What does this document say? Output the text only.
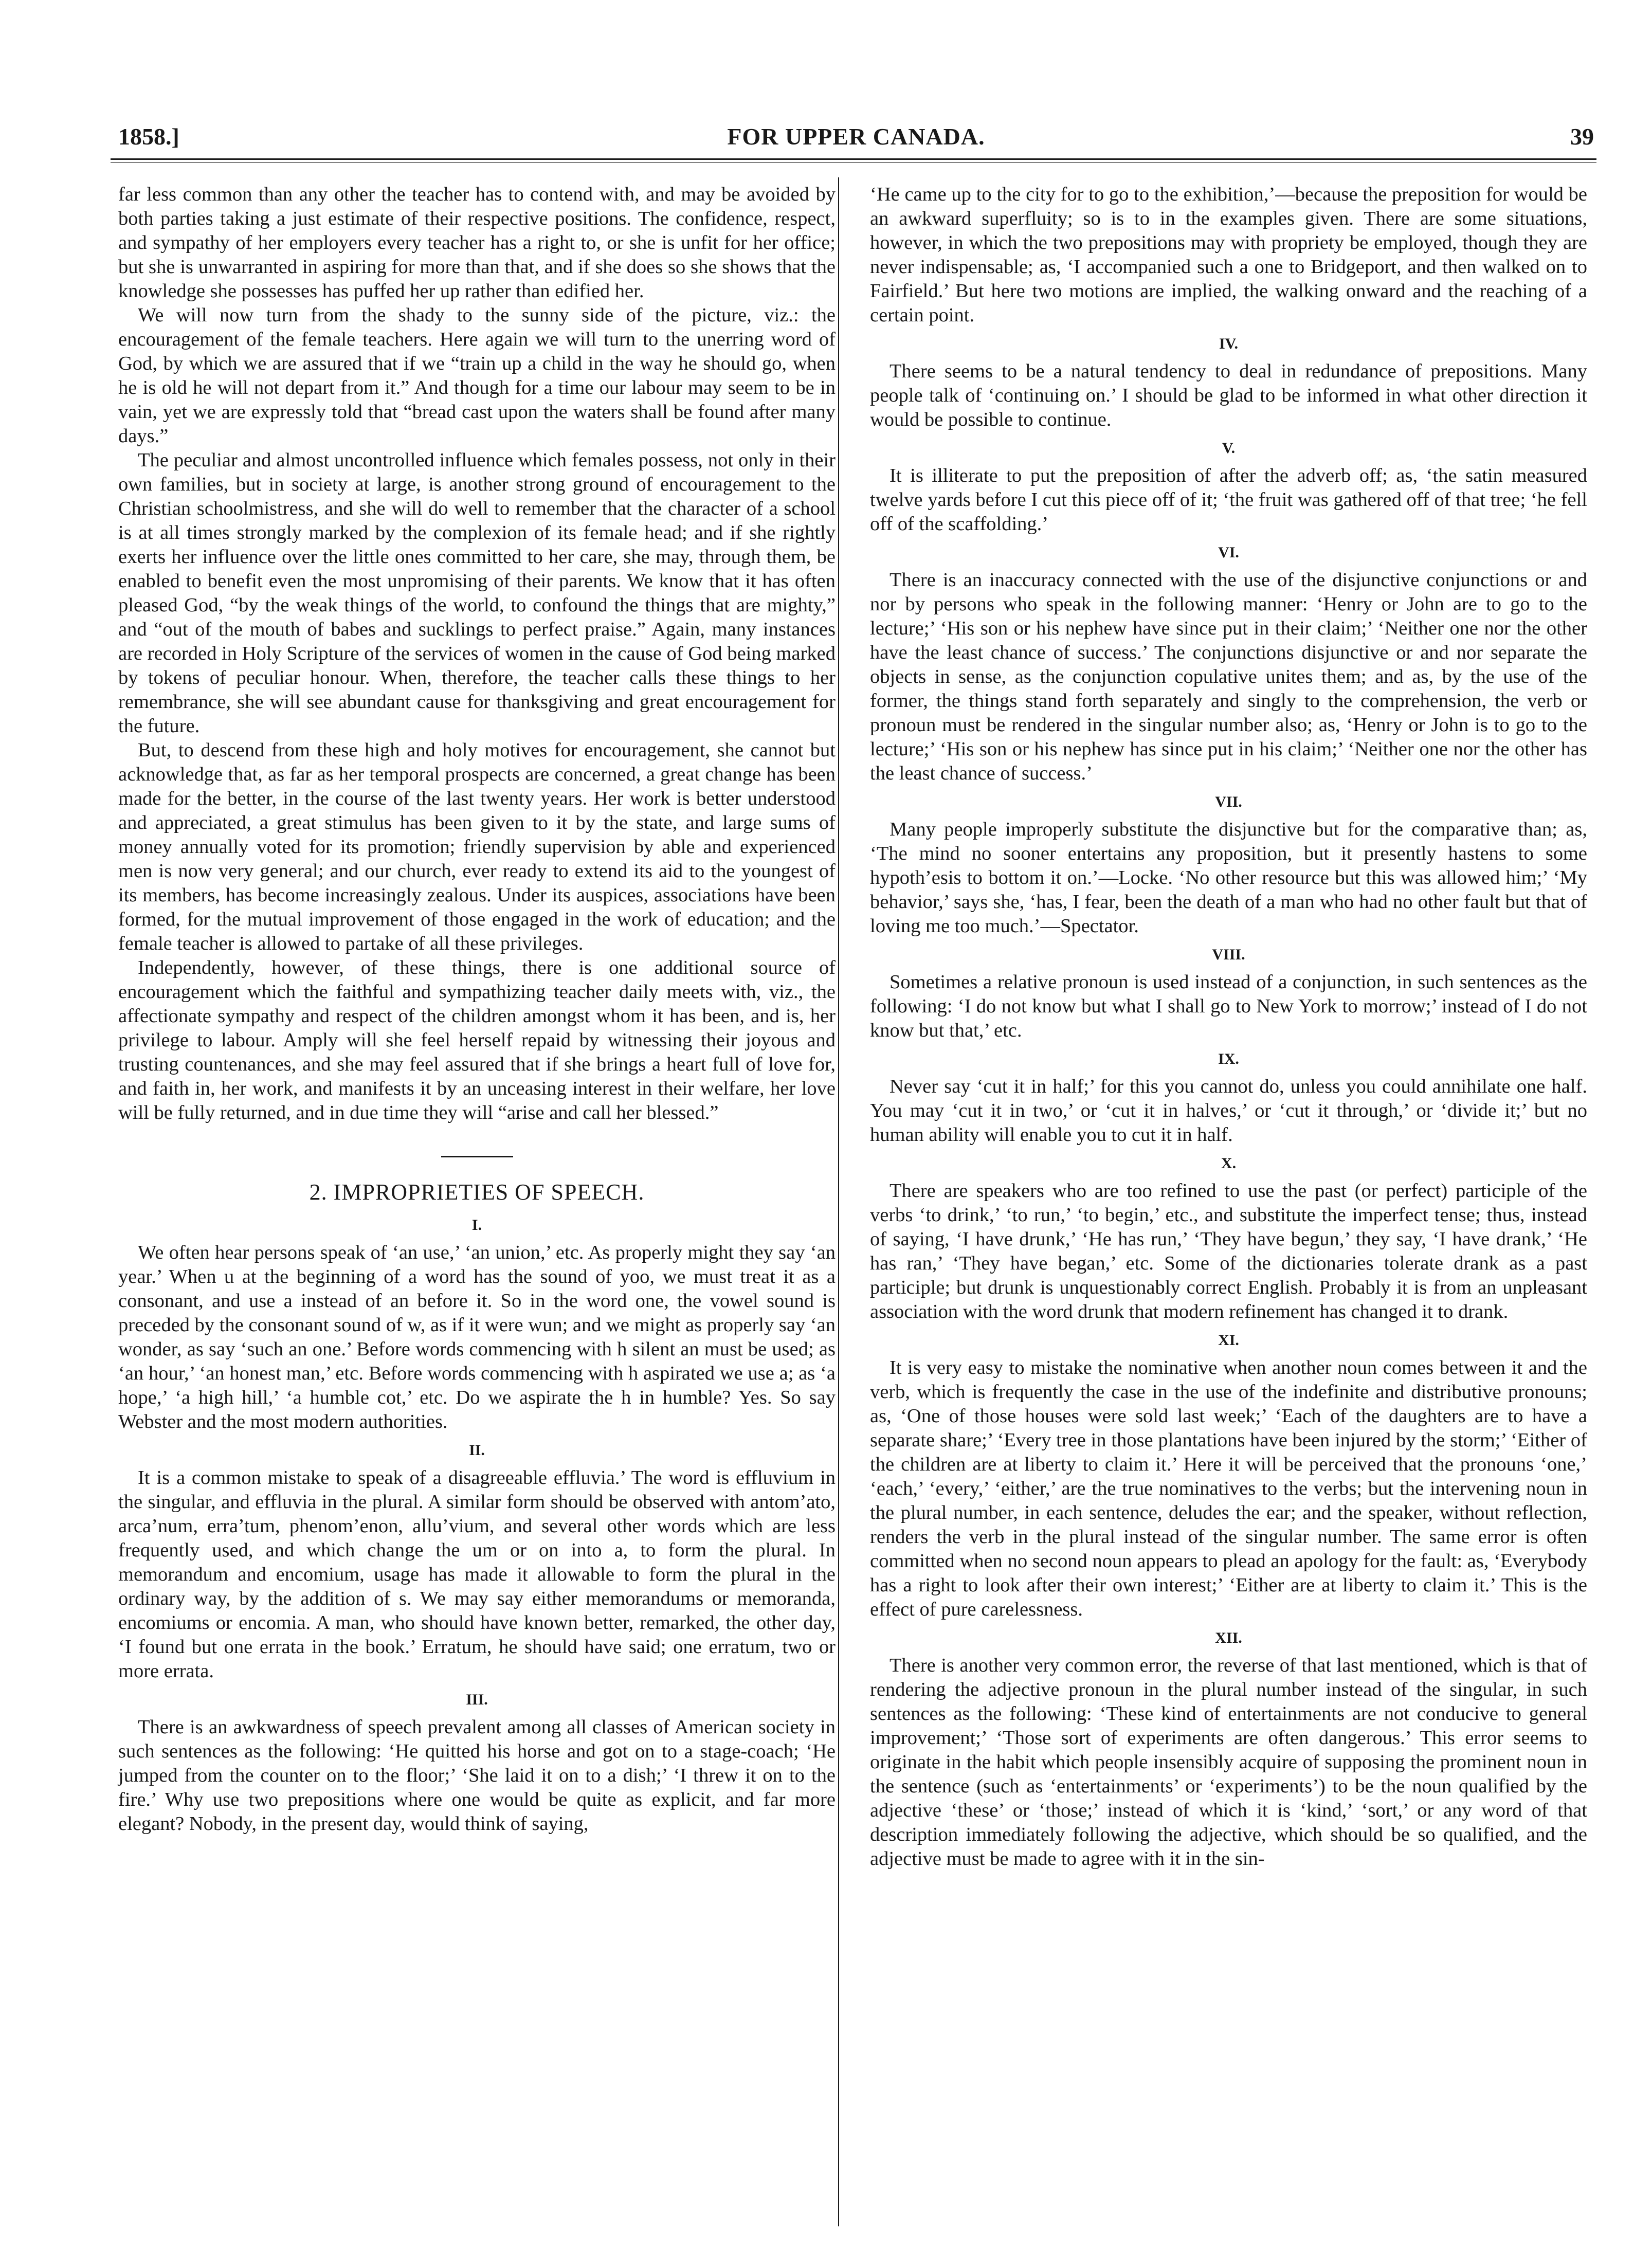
1858.]	FOR UPPER CANADA.	39

far less common than any other the teacher has to contend with, and may be avoided by both parties taking a just estimate of their respective positions. The confidence, respect, and sympathy of her employers every teacher has a right to, or she is unfit for her office; but she is unwarranted in aspiring for more than that, and if she does so she shows that the knowledge she possesses has puffed her up rather than edified her.

We will now turn from the shady to the sunny side of the picture, viz.: the encouragement of the female teachers. Here again we will turn to the unerring word of God, by which we are assured that if we “train up a child in the way he should go, when he is old he will not depart from it.” And though for a time our labour may seem to be in vain, yet we are expressly told that “bread cast upon the waters shall be found after many days.”

The peculiar and almost uncontrolled influence which females possess, not only in their own families, but in society at large, is another strong ground of encouragement to the Christian schoolmistress, and she will do well to remember that the character of a school is at all times strongly marked by the complexion of its female head; and if she rightly exerts her influence over the little ones committed to her care, she may, through them, be enabled to benefit even the most unpromising of their parents. We know that it has often pleased God, “by the weak things of the world, to confound the things that are mighty,” and “out of the mouth of babes and sucklings to perfect praise.” Again, many instances are recorded in Holy Scripture of the services of women in the cause of God being marked by tokens of peculiar honour. When, therefore, the teacher calls these things to her remembrance, she will see abundant cause for thanksgiving and great encouragement for the future.

But, to descend from these high and holy motives for encouragement, she cannot but acknowledge that, as far as her temporal prospects are concerned, a great change has been made for the better, in the course of the last twenty years. Her work is better understood and appreciated, a great stimulus has been given to it by the state, and large sums of money annually voted for its promotion; friendly supervision by able and experienced men is now very general; and our church, ever ready to extend its aid to the youngest of its members, has become increasingly zealous. Under its auspices, associations have been formed, for the mutual improvement of those engaged in the work of education; and the female teacher is allowed to partake of all these privileges.

Independently, however, of these things, there is one additional source of encouragement which the faithful and sympathizing teacher daily meets with, viz., the affectionate sympathy and respect of the children amongst whom it has been, and is, her privilege to labour. Amply will she feel herself repaid by witnessing their joyous and trusting countenances, and she may feel assured that if she brings a heart full of love for, and faith in, her work, and manifests it by an unceasing interest in their welfare, her love will be fully returned, and in due time they will “arise and call her blessed.”

2. IMPROPRIETIES OF SPEECH.
I.

We often hear persons speak of ‘an use,’ ‘an union,’ etc. As properly might they say ‘an year.’ When u at the beginning of a word has the sound of yoo, we must treat it as a consonant, and use a instead of an before it. So in the word one, the vowel sound is preceded by the consonant sound of w, as if it were wun; and we might as properly say ‘an wonder, as say ‘such an one.’ Before words commencing with h silent an must be used; as ‘an hour,’ ‘an honest man,’ etc. Before words commencing with h aspirated we use a; as ‘a hope,’ ‘a high hill,’ ‘a humble cot,’ etc. Do we aspirate the h in humble? Yes. So say Webster and the most modern authorities.

II.

It is a common mistake to speak of a disagreeable effluvia.’ The word is effluvium in the singular, and effluvia in the plural. A similar form should be observed with antom’ato, arca’num, erra’tum, phenom’enon, allu’vium, and several other words which are less frequently used, and which change the um or on into a, to form the plural. In memorandum and encomium, usage has made it allowable to form the plural in the ordinary way, by the addition of s. We may say either memorandums or memoranda, encomiums or encomia. A man, who should have known better, remarked, the other day, ‘I found but one errata in the book.’ Erratum, he should have said; one erratum, two or more errata.

III.

There is an awkwardness of speech prevalent among all classes of American society in such sentences as the following: ‘He quitted his horse and got on to a stage-coach; ‘He jumped from the counter on to the floor;’ ‘She laid it on to a dish;’ ‘I threw it on to the fire.’ Why use two prepositions where one would be quite as explicit, and far more elegant? Nobody, in the present day, would think of saying,

‘He came up to the city for to go to the exhibition,’—because the preposition for would be an awkward superfluity; so is to in the examples given. There are some situations, however, in which the two prepositions may with propriety be employed, though they are never indispensable; as, ‘I accompanied such a one to Bridgeport, and then walked on to Fairfield.’ But here two motions are implied, the walking onward and the reaching of a certain point.

IV.

There seems to be a natural tendency to deal in redundance of prepositions. Many people talk of ‘continuing on.’ I should be glad to be informed in what other direction it would be possible to continue.

V.

It is illiterate to put the preposition of after the adverb off; as, ‘the satin measured twelve yards before I cut this piece off of it; ‘the fruit was gathered off of that tree; ‘he fell off of the scaffolding.’

VI.

There is an inaccuracy connected with the use of the disjunctive conjunctions or and nor by persons who speak in the following manner: ‘Henry or John are to go to the lecture;’ ‘His son or his nephew have since put in their claim;’ ‘Neither one nor the other have the least chance of success.’ The conjunctions disjunctive or and nor separate the objects in sense, as the conjunction copulative unites them; and as, by the use of the former, the things stand forth separately and singly to the comprehension, the verb or pronoun must be rendered in the singular number also; as, ‘Henry or John is to go to the lecture;’ ‘His son or his nephew has since put in his claim;’ ‘Neither one nor the other has the least chance of success.’

VII.

Many people improperly substitute the disjunctive but for the comparative than; as, ‘The mind no sooner entertains any proposition, but it presently hastens to some hypoth’esis to bottom it on.’—Locke. ‘No other resource but this was allowed him;’ ‘My behavior,’ says she, ‘has, I fear, been the death of a man who had no other fault but that of loving me too much.’—Spectator.

VIII.

Sometimes a relative pronoun is used instead of a conjunction, in such sentences as the following: ‘I do not know but what I shall go to New York to morrow;’ instead of I do not know but that,’ etc.

IX.

Never say ‘cut it in half;’ for this you cannot do, unless you could annihilate one half. You may ‘cut it in two,’ or ‘cut it in halves,’ or ‘cut it through,’ or ‘divide it;’ but no human ability will enable you to cut it in half.

X.

There are speakers who are too refined to use the past (or perfect) participle of the verbs ‘to drink,’ ‘to run,’ ‘to begin,’ etc., and substitute the imperfect tense; thus, instead of saying, ‘I have drunk,’ ‘He has run,’ ‘They have begun,’ they say, ‘I have drank,’ ‘He has ran,’ ‘They have began,’ etc. Some of the dictionaries tolerate drank as a past participle; but drunk is unquestionably correct English. Probably it is from an unpleasant association with the word drunk that modern refinement has changed it to drank.

XI.

It is very easy to mistake the nominative when another noun comes between it and the verb, which is frequently the case in the use of the indefinite and distributive pronouns; as, ‘One of those houses were sold last week;’ ‘Each of the daughters are to have a separate share;’ ‘Every tree in those plantations have been injured by the storm;’ ‘Either of the children are at liberty to claim it.’ Here it will be perceived that the pronouns ‘one,’ ‘each,’ ‘every,’ ‘either,’ are the true nominatives to the verbs; but the intervening noun in the plural number, in each sentence, deludes the ear; and the speaker, without reflection, renders the verb in the plural instead of the singular number. The same error is often committed when no second noun appears to plead an apology for the fault: as, ‘Everybody has a right to look after their own interest;’ ‘Either are at liberty to claim it.’ This is the effect of pure carelessness.

XII.

There is another very common error, the reverse of that last mentioned, which is that of rendering the adjective pronoun in the plural number instead of the singular, in such sentences as the following: ‘These kind of entertainments are not conducive to general improvement;’ ‘Those sort of experiments are often dangerous.’ This error seems to originate in the habit which people insensibly acquire of supposing the prominent noun in the sentence (such as ‘entertainments’ or ‘experiments’) to be the noun qualified by the adjective ‘these’ or ‘those;’ instead of which it is ‘kind,’ ‘sort,’ or any word of that description immediately following the adjective, which should be so qualified, and the adjective must be made to agree with it in the sin-
